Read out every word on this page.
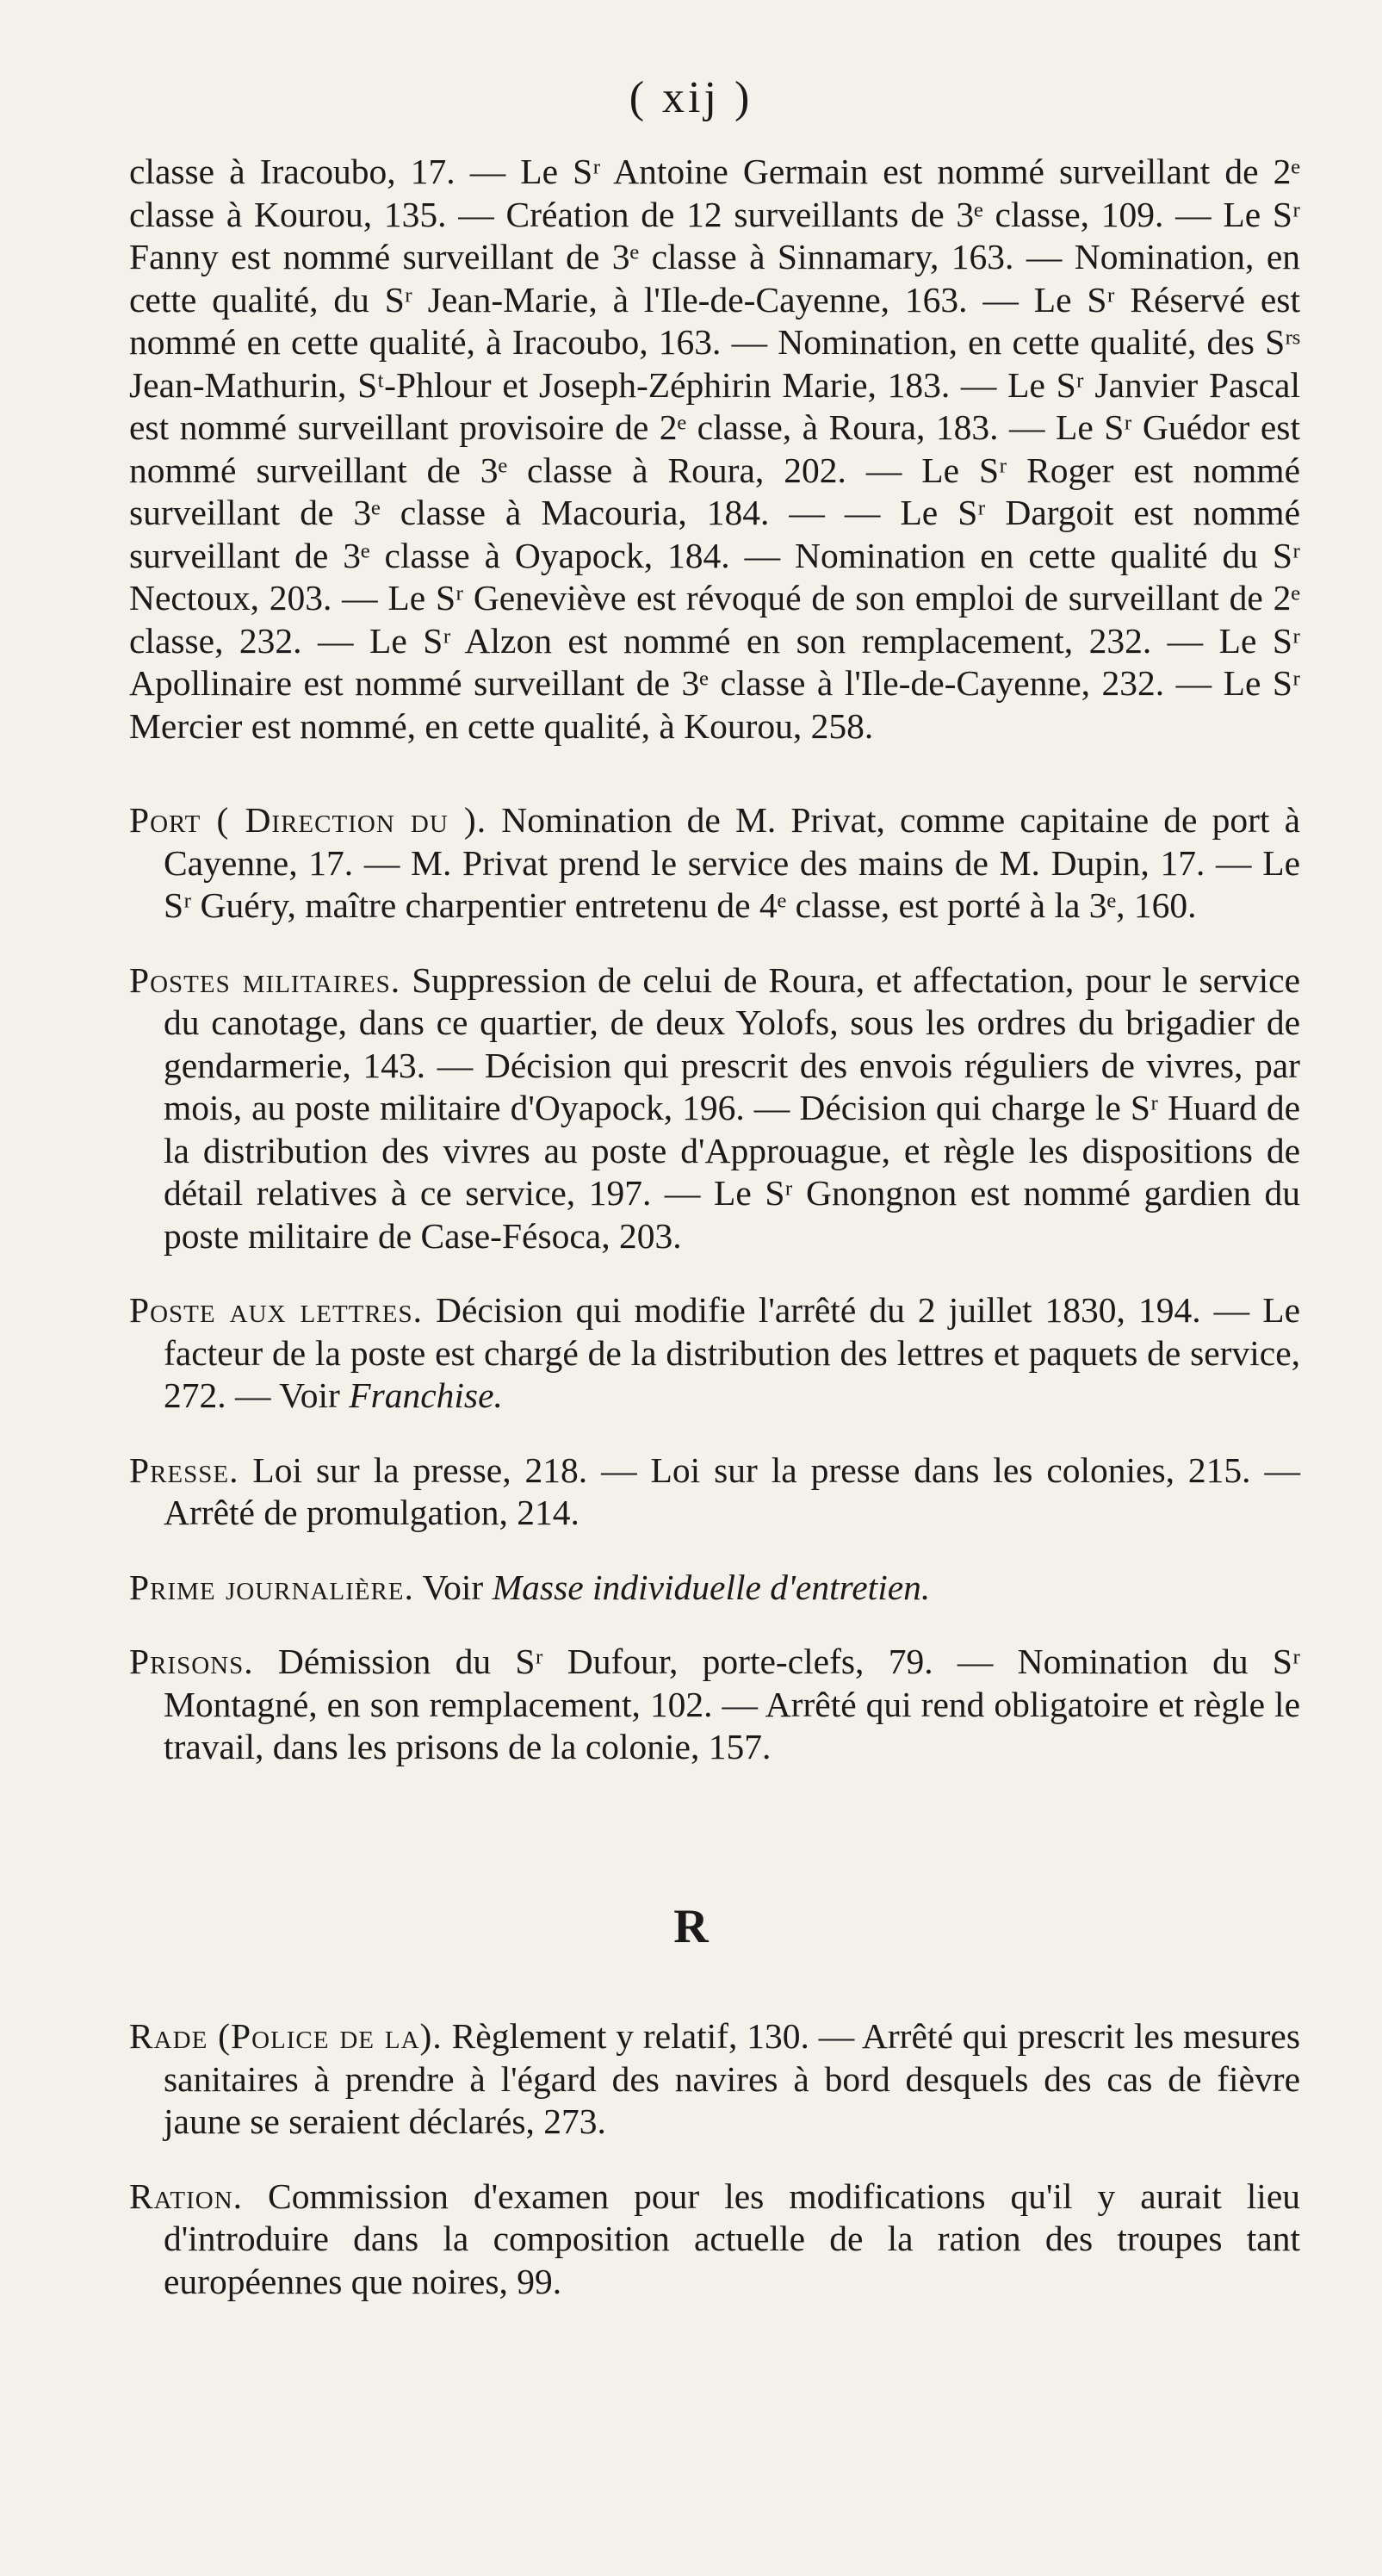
( xij )

classe à Iracoubo, 17. — Le Sʳ Antoine Germain est nommé surveillant de 2ᵉ classe à Kourou, 135. — Création de 12 surveillants de 3ᵉ classe, 109. — Le Sʳ Fanny est nommé surveillant de 3ᵉ classe à Sinnamary, 163. — Nomination, en cette qualité, du Sʳ Jean-Marie, à l'Ile-de-Cayenne, 163. — Le Sʳ Réservé est nommé en cette qualité, à Iracoubo, 163. — Nomination, en cette qualité, des Sʳˢ Jean-Mathurin, Sᵗ-Phlour et Joseph-Zéphirin Marie, 183. — Le Sʳ Janvier Pascal est nommé surveillant provisoire de 2ᵉ classe, à Roura, 183. — Le Sʳ Guédor est nommé surveillant de 3ᵉ classe à Roura, 202. — Le Sʳ Roger est nommé surveillant de 3ᵉ classe à Macouria, 184. — — Le Sʳ Dargoit est nommé surveillant de 3ᵉ classe à Oyapock, 184. — Nomination en cette qualité du Sʳ Nectoux, 203. — Le Sʳ Geneviève est révoqué de son emploi de surveillant de 2ᵉ classe, 232. — Le Sʳ Alzon est nommé en son remplacement, 232. — Le Sʳ Apollinaire est nommé surveillant de 3ᵉ classe à l'Ile-de-Cayenne, 232. — Le Sʳ Mercier est nommé, en cette qualité, à Kourou, 258.

Port ( Direction du ). Nomination de M. Privat, comme capitaine de port à Cayenne, 17. — M. Privat prend le service des mains de M. Dupin, 17. — Le Sʳ Guéry, maître charpentier entretenu de 4ᵉ classe, est porté à la 3ᵉ, 160.

Postes militaires. Suppression de celui de Roura, et affectation, pour le service du canotage, dans ce quartier, de deux Yolofs, sous les ordres du brigadier de gendarmerie, 143. — Décision qui prescrit des envois réguliers de vivres, par mois, au poste militaire d'Oyapock, 196. — Décision qui charge le Sʳ Huard de la distribution des vivres au poste d'Approuague, et règle les dispositions de détail relatives à ce service, 197. — Le Sʳ Gnongnon est nommé gardien du poste militaire de Case-Fésoca, 203.

Poste aux lettres. Décision qui modifie l'arrêté du 2 juillet 1830, 194. — Le facteur de la poste est chargé de la distribution des lettres et paquets de service, 272. — Voir Franchise.

Presse. Loi sur la presse, 218. — Loi sur la presse dans les colonies, 215. — Arrêté de promulgation, 214.

Prime journalière. Voir Masse individuelle d'entretien.

Prisons. Démission du Sʳ Dufour, porte-clefs, 79. — Nomination du Sʳ Montagné, en son remplacement, 102. — Arrêté qui rend obligatoire et règle le travail, dans les prisons de la colonie, 157.

R

Rade (Police de la). Règlement y relatif, 130. — Arrêté qui prescrit les mesures sanitaires à prendre à l'égard des navires à bord desquels des cas de fièvre jaune se seraient déclarés, 273.

Ration. Commission d'examen pour les modifications qu'il y aurait lieu d'introduire dans la composition actuelle de la ration des troupes tant européennes que noires, 99.
